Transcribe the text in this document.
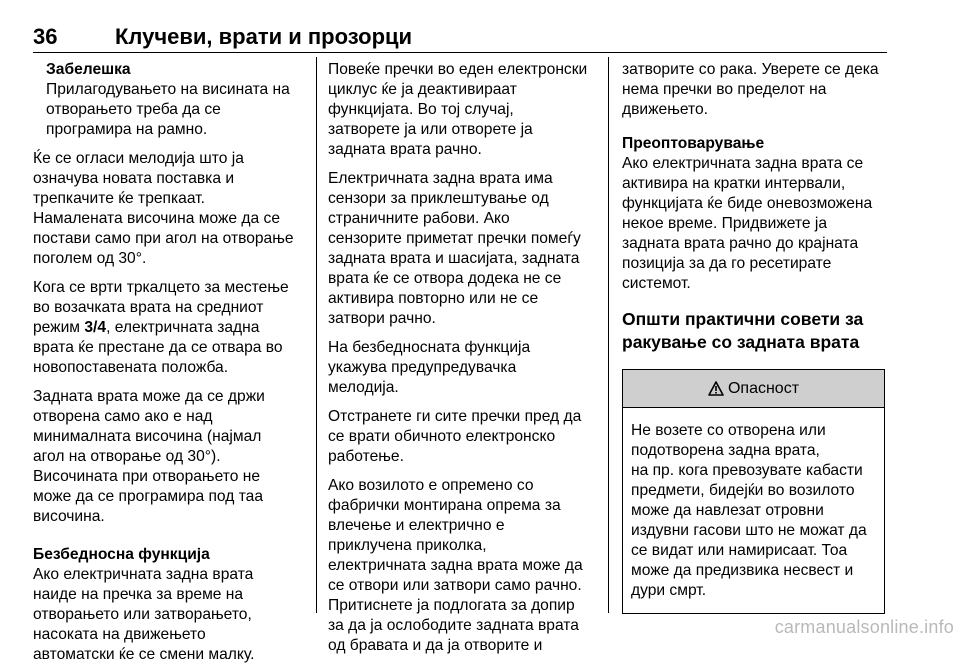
36	Клучеви, врати и прозорци
Забелешка
Прилагодувањето на висината на
отворањето треба да се
програмира на рамно.
Ќе се огласи мелодија што ја
означува новата поставка и
трепкачите ќе трепкаат.
Намалената височина може да се
постави само при агол на отворање
поголем од 30°.
Кога се врти тркалцето за местење
во возачката врата на средниот
режим 3/4, електричната задна
врата ќе престане да се отвара во
новопоставената положба.
Задната врата може да се држи
отворена само ако е над
минималната височина (најмал
агол на отворање од 30°).
Височината при отворањето не
може да се програмира под таа
височина.
Безбедносна функција
Ако електричната задна врата
наиде на пречка за време на
отворањето или затворањето,
насоката на движењето
автоматски ќе се смени малку.
Повеќе пречки во еден електронски
циклус ќе ја деактивираат
функцијата. Во тој случај,
затворете ја или отворете ја
задната врата рачно.
Електричната задна врата има
сензори за приклештување од
страничните рабови. Ако
сензорите приметат пречки помеѓу
задната врата и шасијата, задната
врата ќе се отвора додека не се
активира повторно или не се
затвори рачно.
На безбедносната функција
укажува предупредувачка
мелодија.
Отстранете ги сите пречки пред да
се врати обичното електронско
работење.
Ако возилото е опремено со
фабрички монтирана опрема за
влечење и електрично е
приклучена приколка,
електричната задна врата може да
се отвори или затвори само рачно.
Притиснете ја подлогата за допир
за да ја ослободите задната врата
од бравата и да ја отворите и
затворите со рака. Уверете се дека
нема пречки во пределот на
движењето.
Преоптоварување
Ако електричната задна врата се
активира на кратки интервали,
функцијата ќе биде оневозможена
некое време. Придвижете ја
задната врата рачно до крајната
позиција за да го ресетирате
системот.
Општи практични совети за
ракување со задната врата
Опасност
Не возете со отворена или
подотворена задна врата,
на пр. кога превозувате кабасти
предмети, бидејќи во возилото
може да навлезат отровни
издувни гасови што не можат да
се видат или намирисаат. Тоа
може да предизвика несвест и
дури смрт.
carmanualsonline.info
